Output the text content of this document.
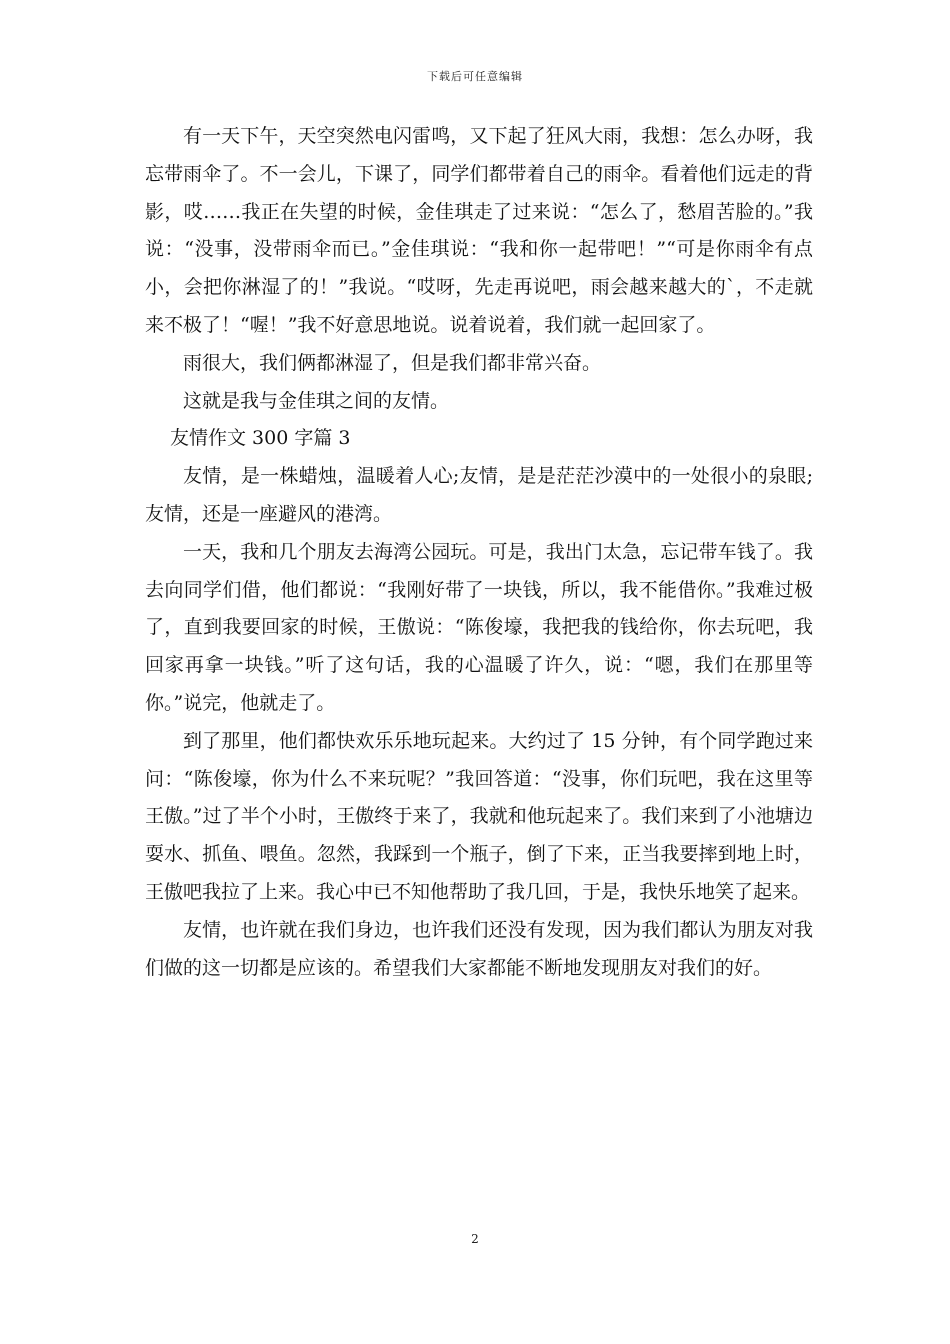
下载后可任意编辑

有一天下午，天空突然电闪雷鸣，又下起了狂风大雨，我想：怎么办呀，我忘带雨伞了。不一会儿，下课了，同学们都带着自己的雨伞。看着他们远走的背影，哎……我正在失望的时候，金佳琪走了过来说：“怎么了，愁眉苦脸的。”我说：“没事，没带雨伞而已。”金佳琪说：“我和你一起带吧！”“可是你雨伞有点小，会把你淋湿了的！”我说。“哎呀，先走再说吧，雨会越来越大的`，不走就来不极了！“喔！”我不好意思地说。说着说着，我们就一起回家了。

雨很大，我们俩都淋湿了，但是我们都非常兴奋。

这就是我与金佳琪之间的友情。

友情作文 300 字篇 3

友情，是一株蜡烛，温暖着人心;友情，是是茫茫沙漠中的一处很小的泉眼;友情，还是一座避风的港湾。

一天，我和几个朋友去海湾公园玩。可是，我出门太急，忘记带车钱了。我去向同学们借，他们都说：“我刚好带了一块钱，所以，我不能借你。”我难过极了，直到我要回家的时候，王傲说：“陈俊壕，我把我的钱给你，你去玩吧，我回家再拿一块钱。”听了这句话，我的心温暖了许久，说：“嗯，我们在那里等你。”说完，他就走了。

到了那里，他们都快欢乐乐地玩起来。大约过了 15 分钟，有个同学跑过来问：“陈俊壕，你为什么不来玩呢？”我回答道：“没事，你们玩吧，我在这里等王傲。”过了半个小时，王傲终于来了，我就和他玩起来了。我们来到了小池塘边耍水、抓鱼、喂鱼。忽然，我踩到一个瓶子，倒了下来，正当我要摔到地上时，王傲吧我拉了上来。我心中已不知他帮助了我几回，于是，我快乐地笑了起来。

友情，也许就在我们身边，也许我们还没有发现，因为我们都认为朋友对我们做的这一切都是应该的。希望我们大家都能不断地发现朋友对我们的好。

2
